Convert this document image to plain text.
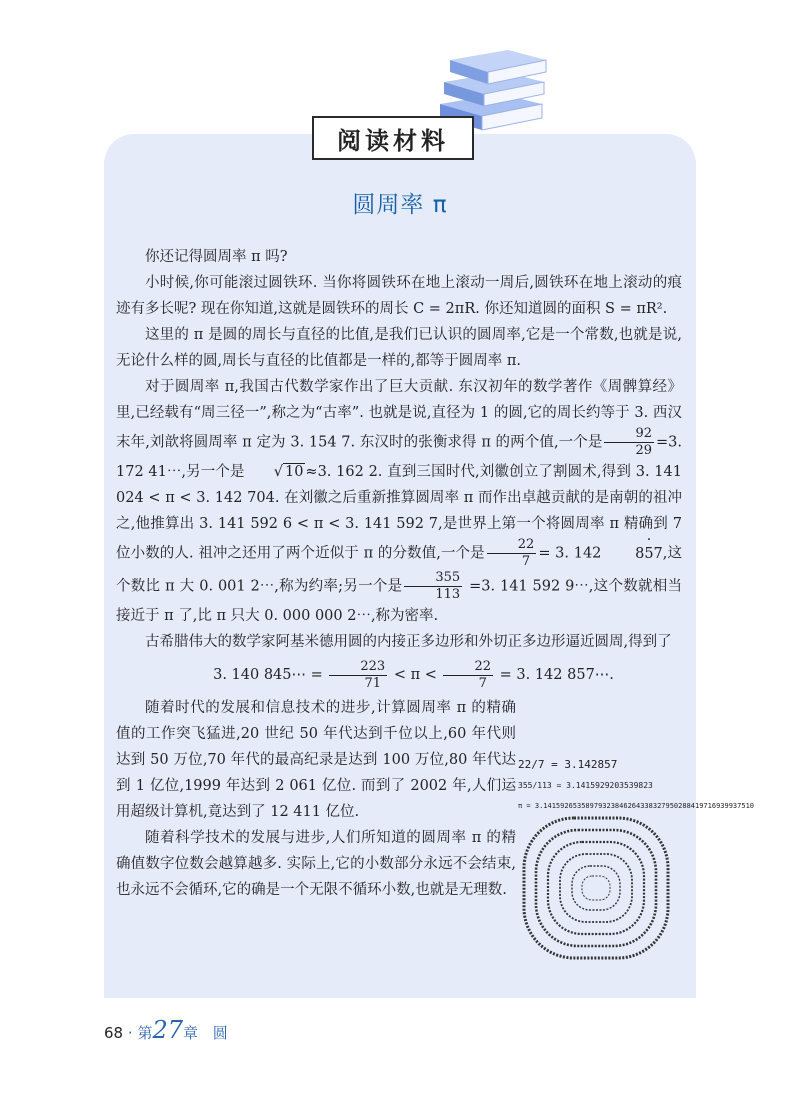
阅读材料
圆周率 π

你还记得圆周率 π 吗?

小时候,你可能滚过圆铁环. 当你将圆铁环在地上滚动一周后,圆铁环在地上滚动的痕迹有多长呢? 现在你知道,这就是圆铁环的周长 C = 2πR. 你还知道圆的面积 S = πR².

这里的 π 是圆的周长与直径的比值,是我们已认识的圆周率,它是一个常数,也就是说,无论什么样的圆,周长与直径的比值都是一样的,都等于圆周率 π.

对于圆周率 π,我国古代数学家作出了巨大贡献. 东汉初年的数学著作《周髀算经》里,已经载有“周三径一”,称之为“古率”. 也就是说,直径为 1 的圆,它的周长约等于 3. 西汉末年,刘歆将圆周率 π 定为 3. 154 7. 东汉时的张衡求得 π 的两个值,一个是 $\frac{92}{29} =3$. 172 41⋯,另一个是 √ 10 ≈3. 162 2. 直到三国时代,刘徽创立了割圆术,得到 3. 141 024 < π < 3. 142 704. 在刘徽之后重新推算圆周率 π 而作出卓越贡献的是南朝的祖冲之,他推算出 3. 141 592 6 < π < 3. 141 592 7,是世界上第一个将圆周率 π 精确到 7 位小数的人. 祖冲之还用了两个近似于 π 的分数值,一个是 $\frac{22}{7} = 3$. 142 · 857,这个数比 π 大 0. 001 2⋯,称为约率;另一个是 $\frac{355}{113} =3$. 141 592 9⋯,这个数就相当接近于 π 了,比 π 只大 0. 000 000 2⋯,称为密率.

古希腊伟大的数学家阿基米德用圆的内接正多边形和外切正多边形逼近圆周,得到了

3. 140 845⋯ = $\frac{223}{71} < \pi < \frac{22}{7} = 3$. 142 857⋯.

随着时代的发展和信息技术的进步,计算圆周率 π 的精确值的工作突飞猛进,20 世纪 50 年代达到千位以上,60 年代则达到 50 万位,70 年代的最高纪录是达到 100 万位,80 年代达到 1 亿位,1999 年达到 2 061 亿位. 而到了 2002 年,人们运用超级计算机,竟达到了 12 411 亿位.

随着科学技术的发展与进步,人们所知道的圆周率 π 的精确值数字位数会越算越多. 实际上,它的小数部分永远不会结束,也永远不会循环,它的确是一个无限不循环小数,也就是无理数.

22/7 = 3.142857
355/113 = 3.1415929203539823
π = 3.14159265358979323846264338327950288419716939937510
68 · 第27章 圆
